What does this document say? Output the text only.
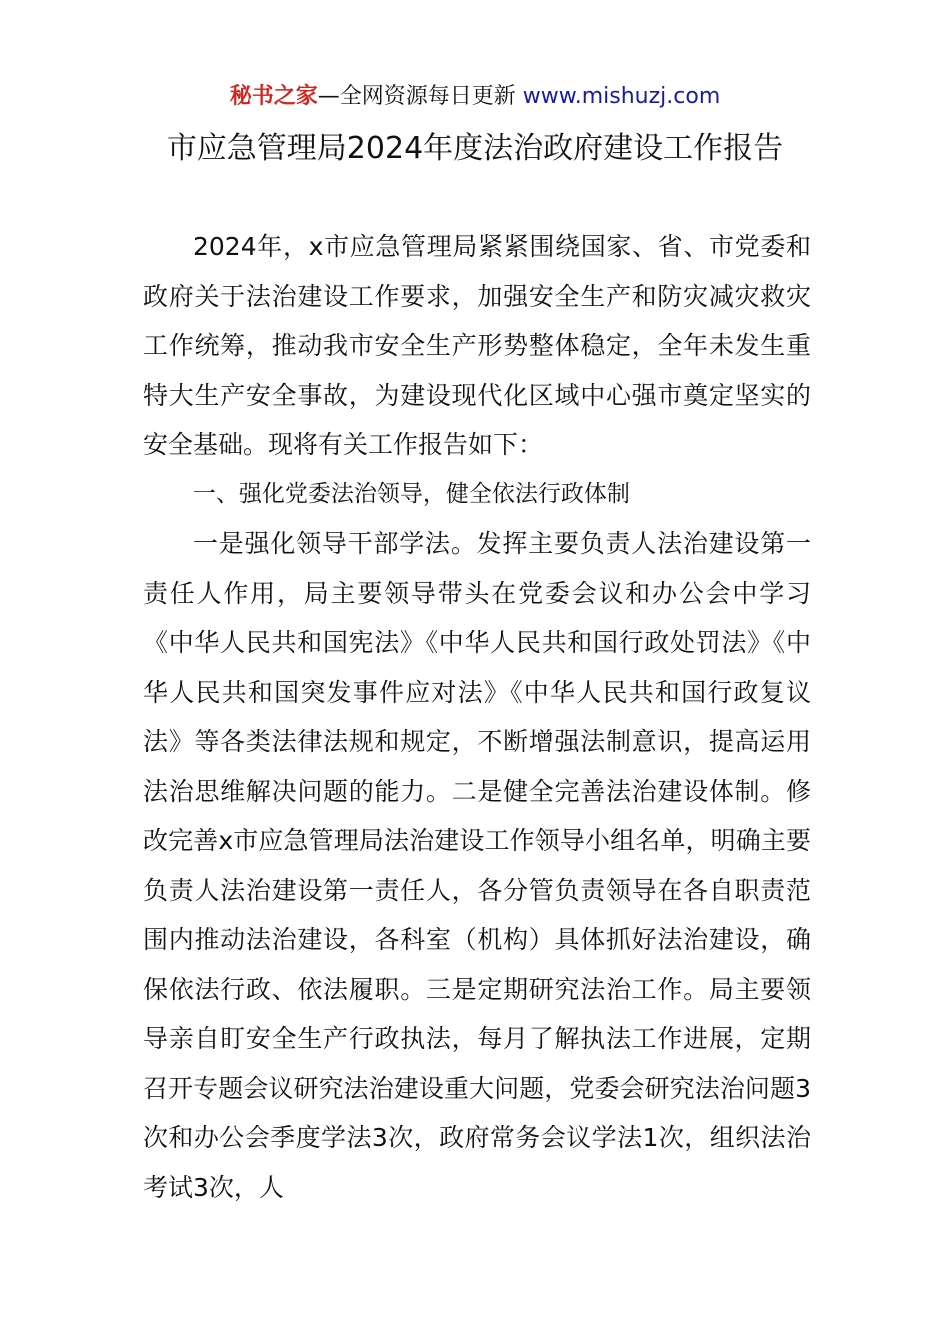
秘书之家—全网资源每日更新 www.mishuzj.com
市应急管理局2024年度法治政府建设工作报告

2024年，x市应急管理局紧紧围绕国家、省、市党委和政府关于法治建设工作要求，加强安全生产和防灾减灾救灾工作统筹，推动我市安全生产形势整体稳定，全年未发生重特大生产安全事故，为建设现代化区域中心强市奠定坚实的安全基础。现将有关工作报告如下：

一、强化党委法治领导，健全依法行政体制

一是强化领导干部学法。发挥主要负责人法治建设第一责任人作用，局主要领导带头在党委会议和办公会中学习《中华人民共和国宪法》《中华人民共和国行政处罚法》《中华人民共和国突发事件应对法》《中华人民共和国行政复议法》等各类法律法规和规定，不断增强法制意识，提高运用法治思维解决问题的能力。二是健全完善法治建设体制。修改完善x市应急管理局法治建设工作领导小组名单，明确主要负责人法治建设第一责任人，各分管负责领导在各自职责范围内推动法治建设，各科室（机构）具体抓好法治建设，确保依法行政、依法履职。三是定期研究法治工作。局主要领导亲自盯安全生产行政执法，每月了解执法工作进展，定期召开专题会议研究法治建设重大问题，党委会研究法治问题3次和办公会季度学法3次，政府常务会议学法1次，组织法治考试3次，人
